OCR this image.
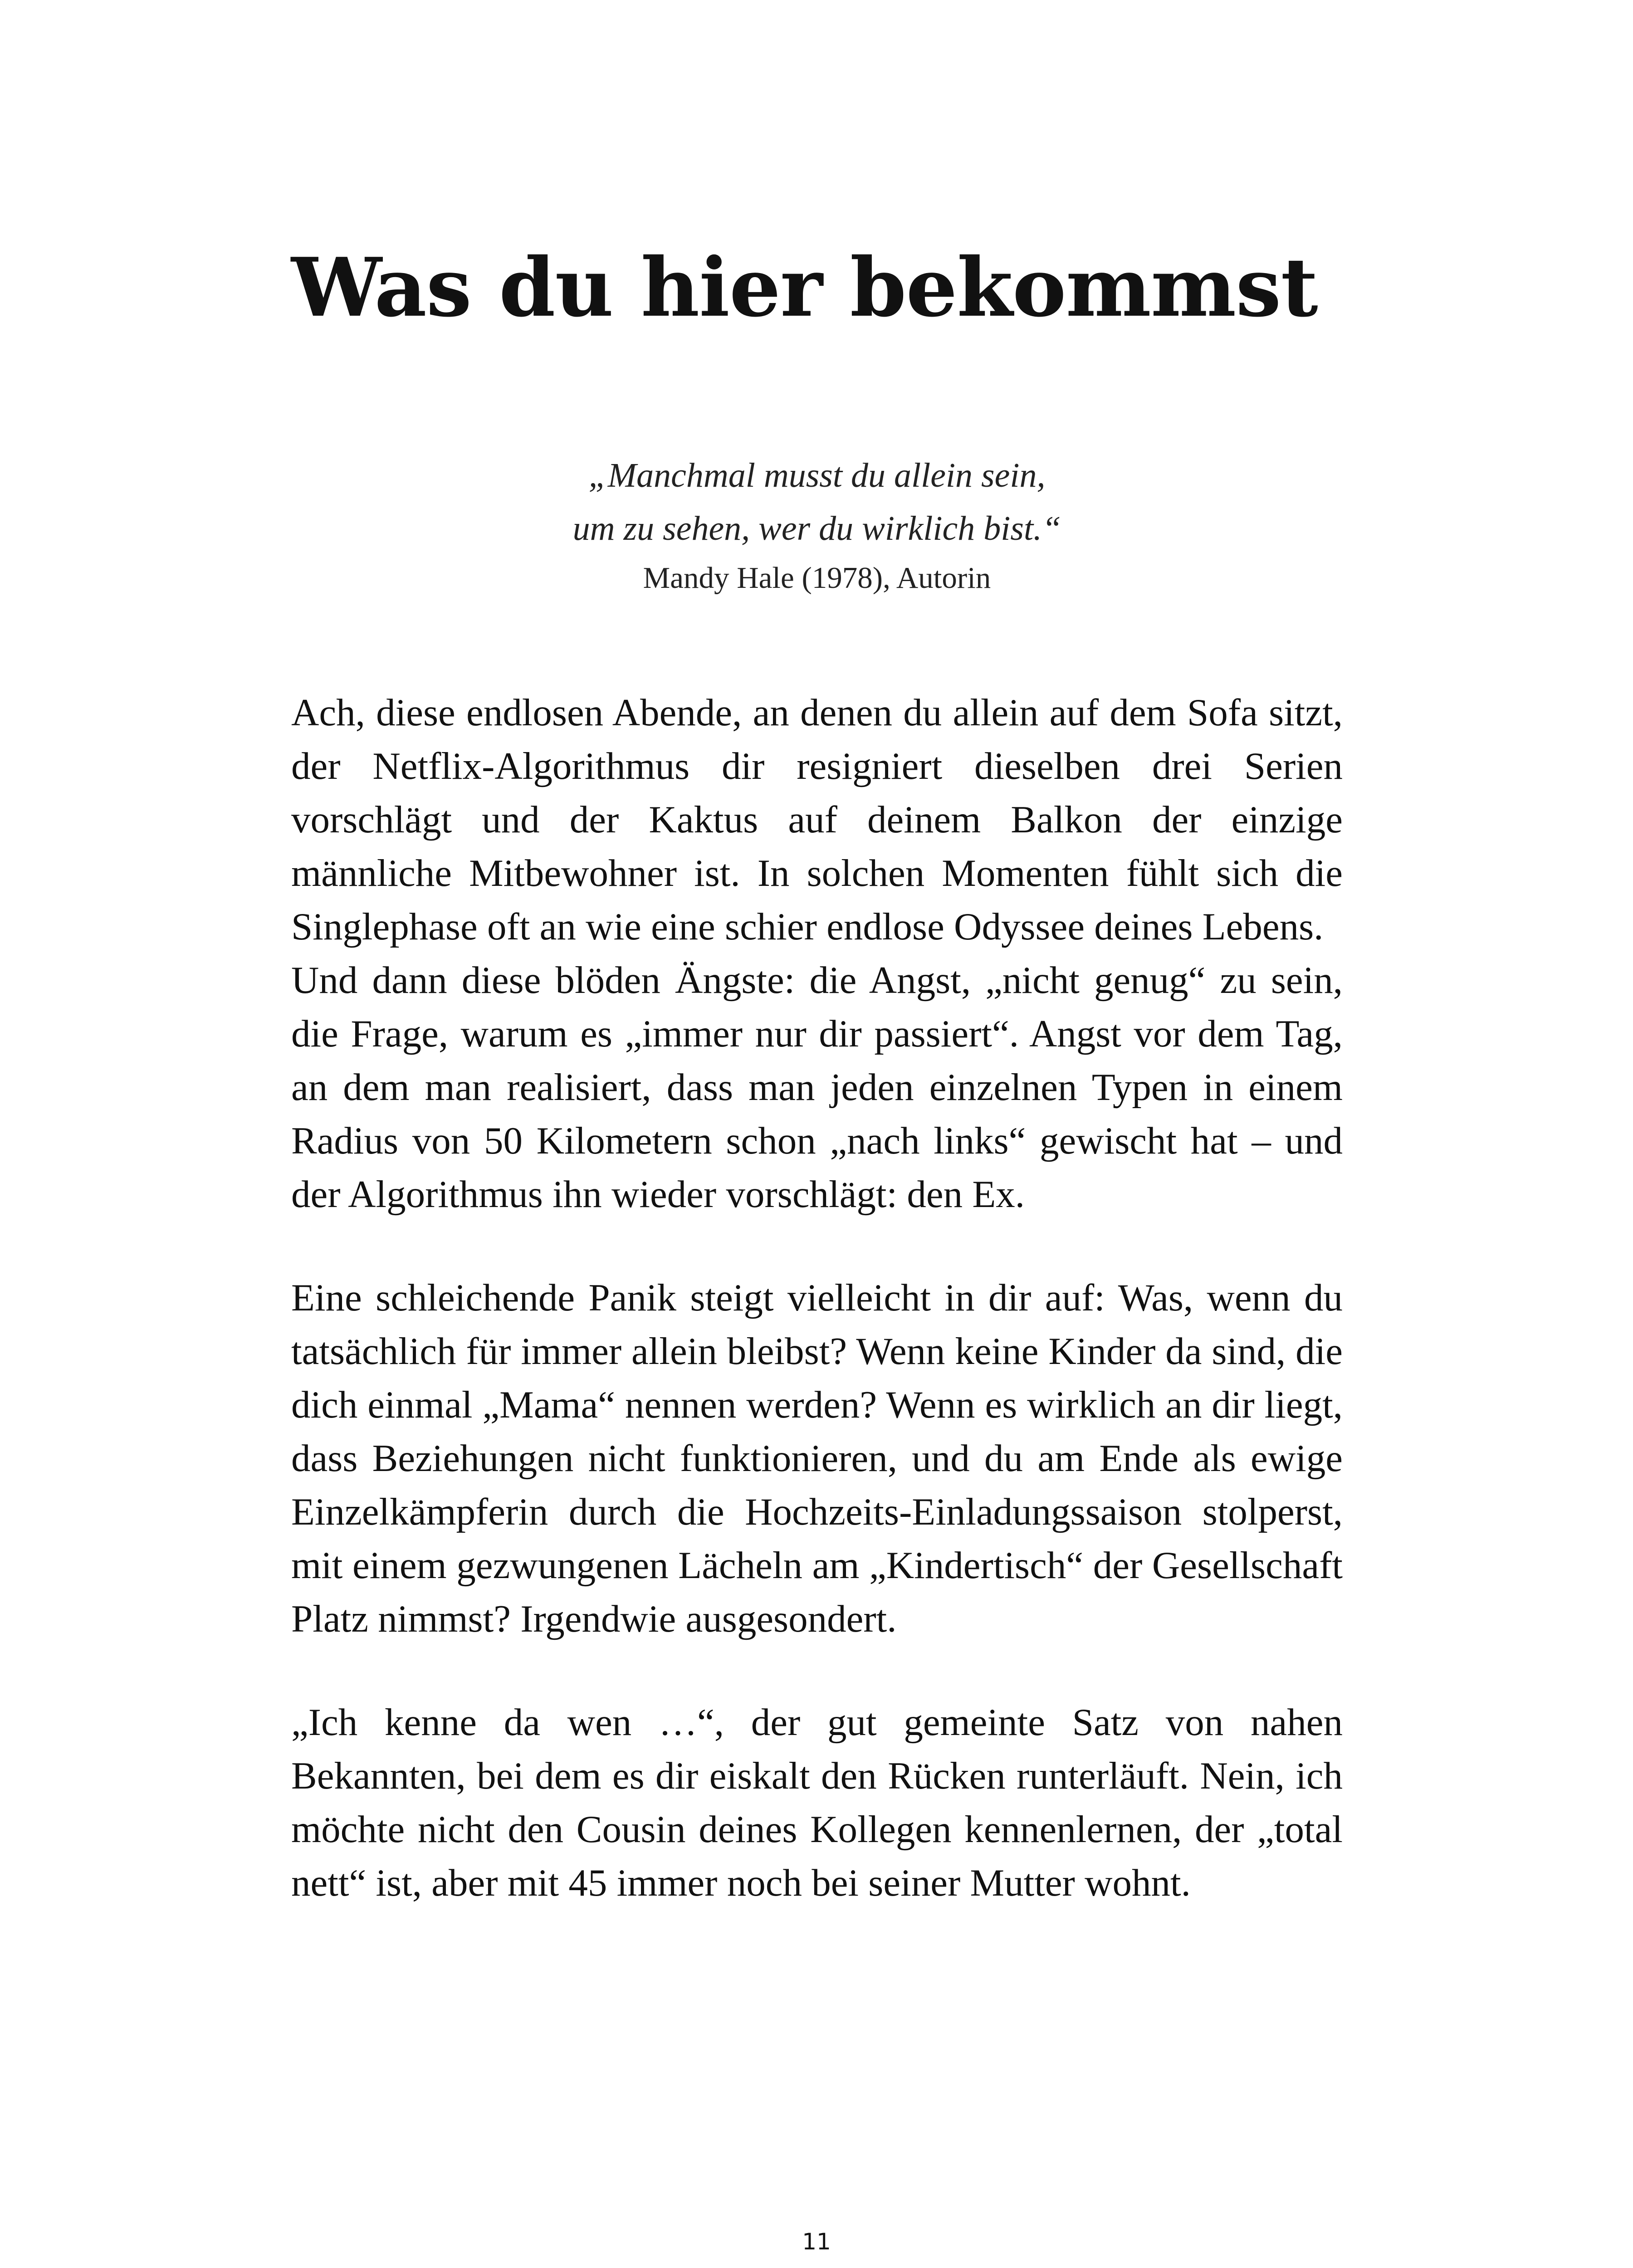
Was du hier bekommst
„Manchmal musst du allein sein,
um zu sehen, wer du wirklich bist.“
Mandy Hale (1978), Autorin

Ach, diese endlosen Abende, an denen du allein auf dem Sofa sitzt, der Netflix-Algorithmus dir resigniert dieselben drei Serien vorschlägt und der Kaktus auf deinem Balkon der einzige männliche Mitbewohner ist. In solchen Momenten fühlt sich die Singlephase oft an wie eine schier endlose Odyssee deines Lebens.

Und dann diese blöden Ängste: die Angst, „nicht genug“ zu sein, die Frage, warum es „immer nur dir passiert“. Angst vor dem Tag, an dem man realisiert, dass man jeden einzelnen Typen in einem Radius von 50 Kilometern schon „nach links“ gewischt hat – und der Algorithmus ihn wieder vorschlägt: den Ex.

Eine schleichende Panik steigt vielleicht in dir auf: Was, wenn du tatsächlich für immer allein bleibst? Wenn keine Kinder da sind, die dich einmal „Mama“ nennen werden? Wenn es wirklich an dir liegt, dass Beziehungen nicht funktionieren, und du am Ende als ewige Einzelkämpferin durch die Hochzeits-Einladungssaison stolperst, mit einem gezwungenen Lächeln am „Kindertisch“ der Gesellschaft Platz nimmst? Irgendwie ausgesondert.

„Ich kenne da wen …“, der gut gemeinte Satz von nahen Bekannten, bei dem es dir eiskalt den Rücken runterläuft. Nein, ich möchte nicht den Cousin deines Kollegen kennenlernen, der „total nett“ ist, aber mit 45 immer noch bei seiner Mutter wohnt.

11
